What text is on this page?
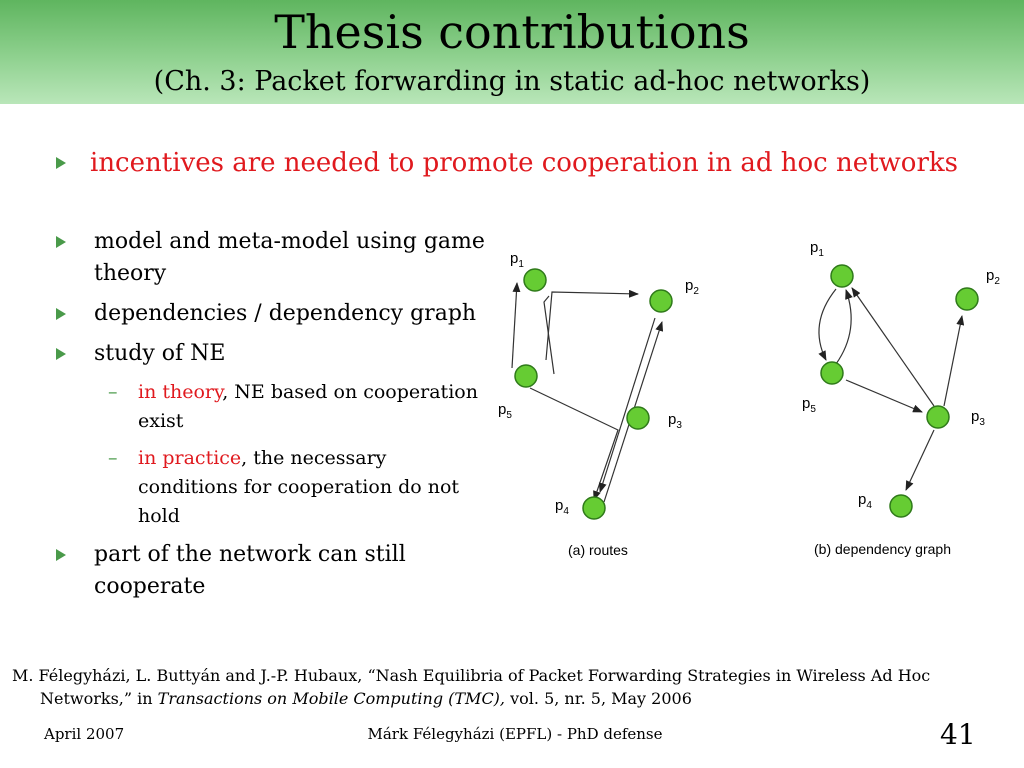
Thesis contributions
(Ch. 3: Packet forwarding in static ad-hoc networks)
incentives are needed to promote cooperation in ad hoc networks
model and meta-model using game theory
dependencies / dependency graph
study of NE
– in theory, NE based on cooperation exist
– in practice, the necessary conditions for cooperation do not hold
part of the network can still cooperate
$p_1$
$p_2$
$p_5$	$p_3$
$p_4$
(a) routes
$p_1$
$p_2$
$p_5$	$p_3$
$p_4$
(b) dependency graph
M. Félegyházi, L. Buttyán and J.-P. Hubaux, “Nash Equilibria of Packet Forwarding Strategies in Wireless Ad Hoc
Networks,” in Transactions on Mobile Computing (TMC), vol. 5, nr. 5, May 2006
April 2007	Márk Félegyházi (EPFL) - PhD defense	41
